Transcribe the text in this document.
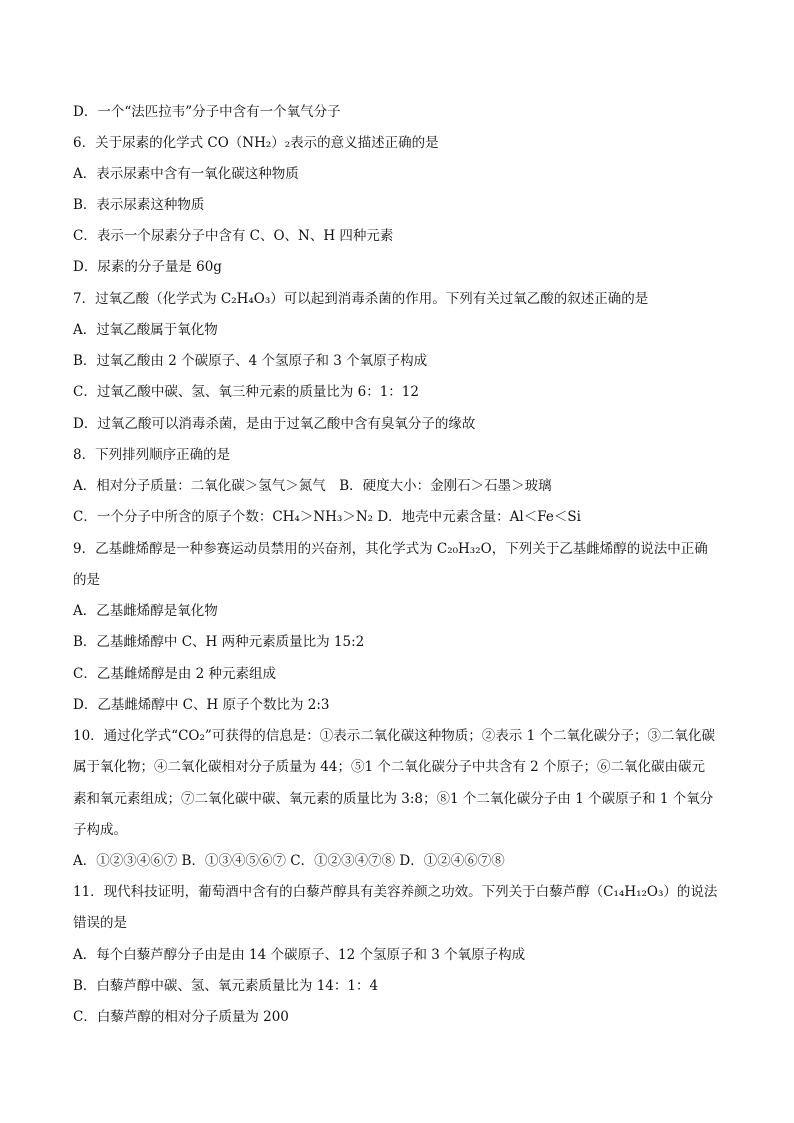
D．一个“法匹拉韦”分子中含有一个氧气分子
6．关于尿素的化学式 CO（NH₂）₂表示的意义描述正确的是
A．表示尿素中含有一氧化碳这种物质
B．表示尿素这种物质
C．表示一个尿素分子中含有 C、O、N、H 四种元素
D．尿素的分子量是 60g
7．过氧乙酸（化学式为 C₂H₄O₃）可以起到消毒杀菌的作用。下列有关过氧乙酸的叙述正确的是
A．过氧乙酸属于氧化物
B．过氧乙酸由 2 个碳原子、4 个氢原子和 3 个氧原子构成
C．过氧乙酸中碳、氢、氧三种元素的质量比为 6：1：12
D．过氧乙酸可以消毒杀菌，是由于过氧乙酸中含有臭氧分子的缘故
8．下列排列顺序正确的是
A．相对分子质量：二氧化碳＞氢气＞氮气　B．硬度大小：金刚石＞石墨＞玻璃
C．一个分子中所含的原子个数：CH₄＞NH₃＞N₂ D．地壳中元素含量：Al＜Fe＜Si
9．乙基雌烯醇是一种参赛运动员禁用的兴奋剂，其化学式为 C₂₀H₃₂O，下列关于乙基雌烯醇的说法中正确
的是
A．乙基雌烯醇是氧化物
B．乙基雌烯醇中 C、H 两种元素质量比为 15:2
C．乙基雌烯醇是由 2 种元素组成
D．乙基雌烯醇中 C、H 原子个数比为 2:3
10．通过化学式“CO₂”可获得的信息是：①表示二氧化碳这种物质；②表示 1 个二氧化碳分子；③二氧化碳
属于氧化物；④二氧化碳相对分子质量为 44；⑤1 个二氧化碳分子中共含有 2 个原子；⑥二氧化碳由碳元
素和氧元素组成；⑦二氧化碳中碳、氧元素的质量比为 3:8；⑧1 个二氧化碳分子由 1 个碳原子和 1 个氧分
子构成。
A．①②③④⑥⑦ B．①③④⑤⑥⑦ C．①②③④⑦⑧ D．①②④⑥⑦⑧
11．现代科技证明，葡萄酒中含有的白藜芦醇具有美容养颜之功效。下列关于白藜芦醇（C₁₄H₁₂O₃）的说法
错误的是
A．每个白藜芦醇分子由是由 14 个碳原子、12 个氢原子和 3 个氧原子构成
B．白藜芦醇中碳、氢、氧元素质量比为 14：1：4
C．白藜芦醇的相对分子质量为 200
